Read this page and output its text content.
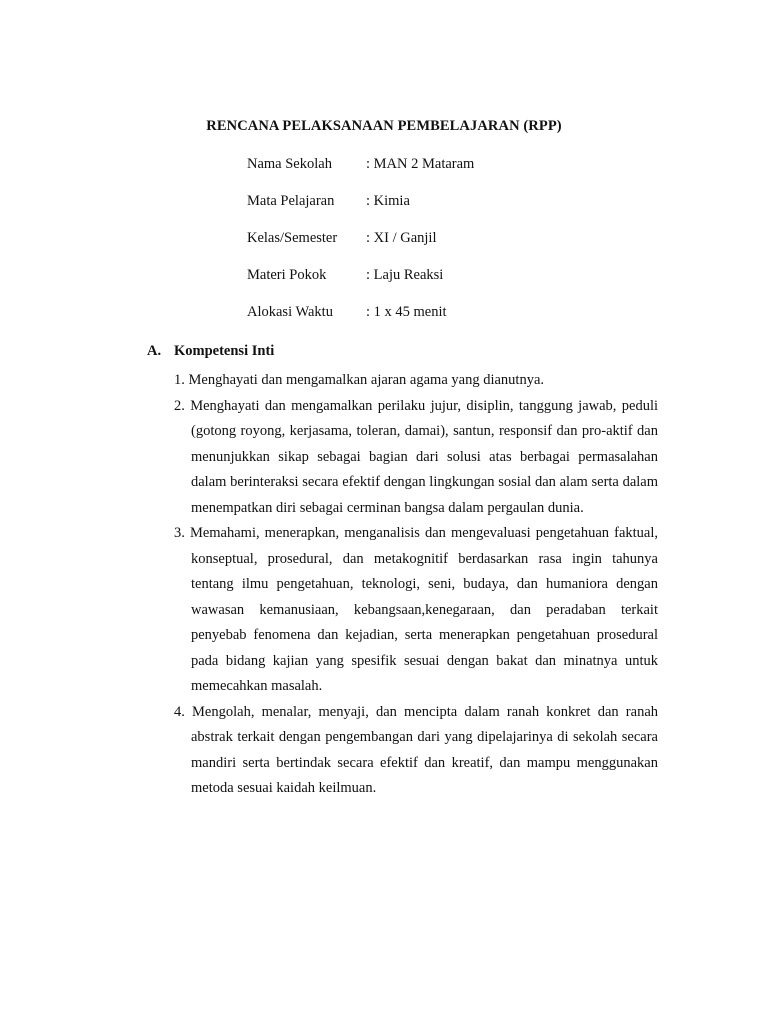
RENCANA PELAKSANAAN PEMBELAJARAN (RPP)
Nama Sekolah : MAN 2 Mataram
Mata Pelajaran : Kimia
Kelas/Semester : XI / Ganjil
Materi Pokok	: Laju Reaksi
Alokasi Waktu : 1 x 45 menit
A. Kompetensi Inti
1. Menghayati dan mengamalkan ajaran agama yang dianutnya.
2. Menghayati dan mengamalkan perilaku jujur, disiplin, tanggung jawab, peduli (gotong royong, kerjasama, toleran, damai), santun, responsif dan pro-aktif dan menunjukkan sikap sebagai bagian dari solusi atas berbagai permasalahan dalam berinteraksi secara efektif dengan lingkungan sosial dan alam serta dalam menempatkan diri sebagai cerminan bangsa dalam pergaulan dunia.
3. Memahami, menerapkan, menganalisis dan mengevaluasi pengetahuan faktual, konseptual, prosedural, dan metakognitif berdasarkan rasa ingin tahunya tentang ilmu pengetahuan, teknologi, seni, budaya, dan humaniora dengan wawasan kemanusiaan, kebangsaan,kenegaraan, dan peradaban terkait penyebab fenomena dan kejadian, serta menerapkan pengetahuan prosedural pada bidang kajian yang spesifik sesuai dengan bakat dan minatnya untuk memecahkan masalah.
4. Mengolah, menalar, menyaji, dan mencipta dalam ranah konkret dan ranah abstrak terkait dengan pengembangan dari yang dipelajarinya di sekolah secara mandiri serta bertindak secara efektif dan kreatif, dan mampu menggunakan metoda sesuai kaidah keilmuan.
